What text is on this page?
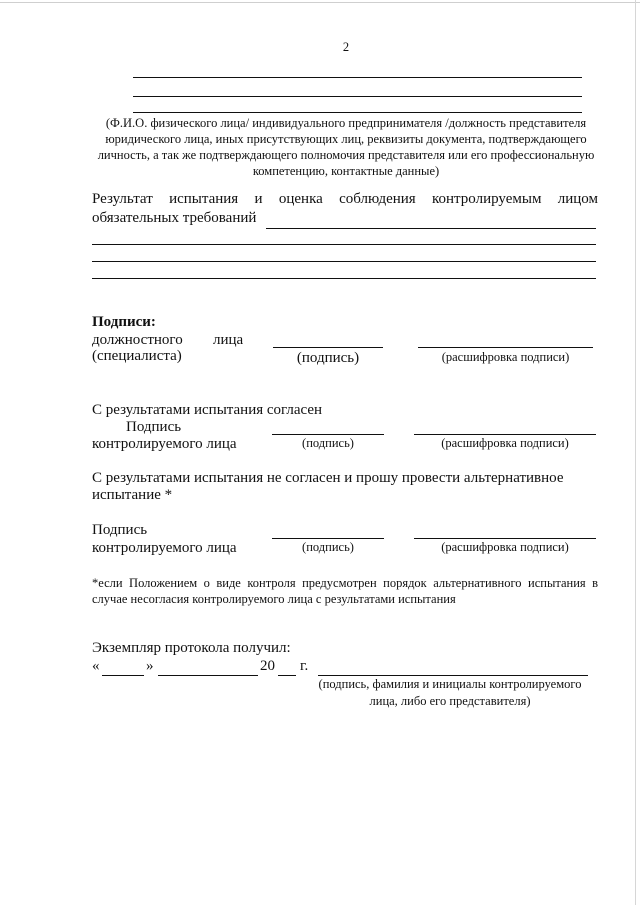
2
(Ф.И.О. физического лица/ индивидуального предпринимателя /должность представителя юридического лица, иных присутствующих лиц, реквизиты документа, подтверждающего личность, а так же подтверждающего полномочия представителя или его профессиональную компетенцию, контактные данные)
Результат испытания и оценка соблюдения контролируемым лицом
обязательных требований
Подписи:
должностного лица
(специалиста)	(подпись)	(расшифровка подписи)
С результатами испытания согласен
Подпись
контролируемого лица	(подпись)	(расшифровка подписи)
С результатами испытания не согласен и прошу провести альтернативное испытание *
Подпись
контролируемого лица	(подпись)	(расшифровка подписи)
*если Положением о виде контроля предусмотрен порядок альтернативного испытания в случае несогласия контролируемого лица с результатами испытания
Экземпляр протокола получил:
«	»	20 г.
(подпись, фамилия и инициалы контролируемого
лица, либо его представителя)
